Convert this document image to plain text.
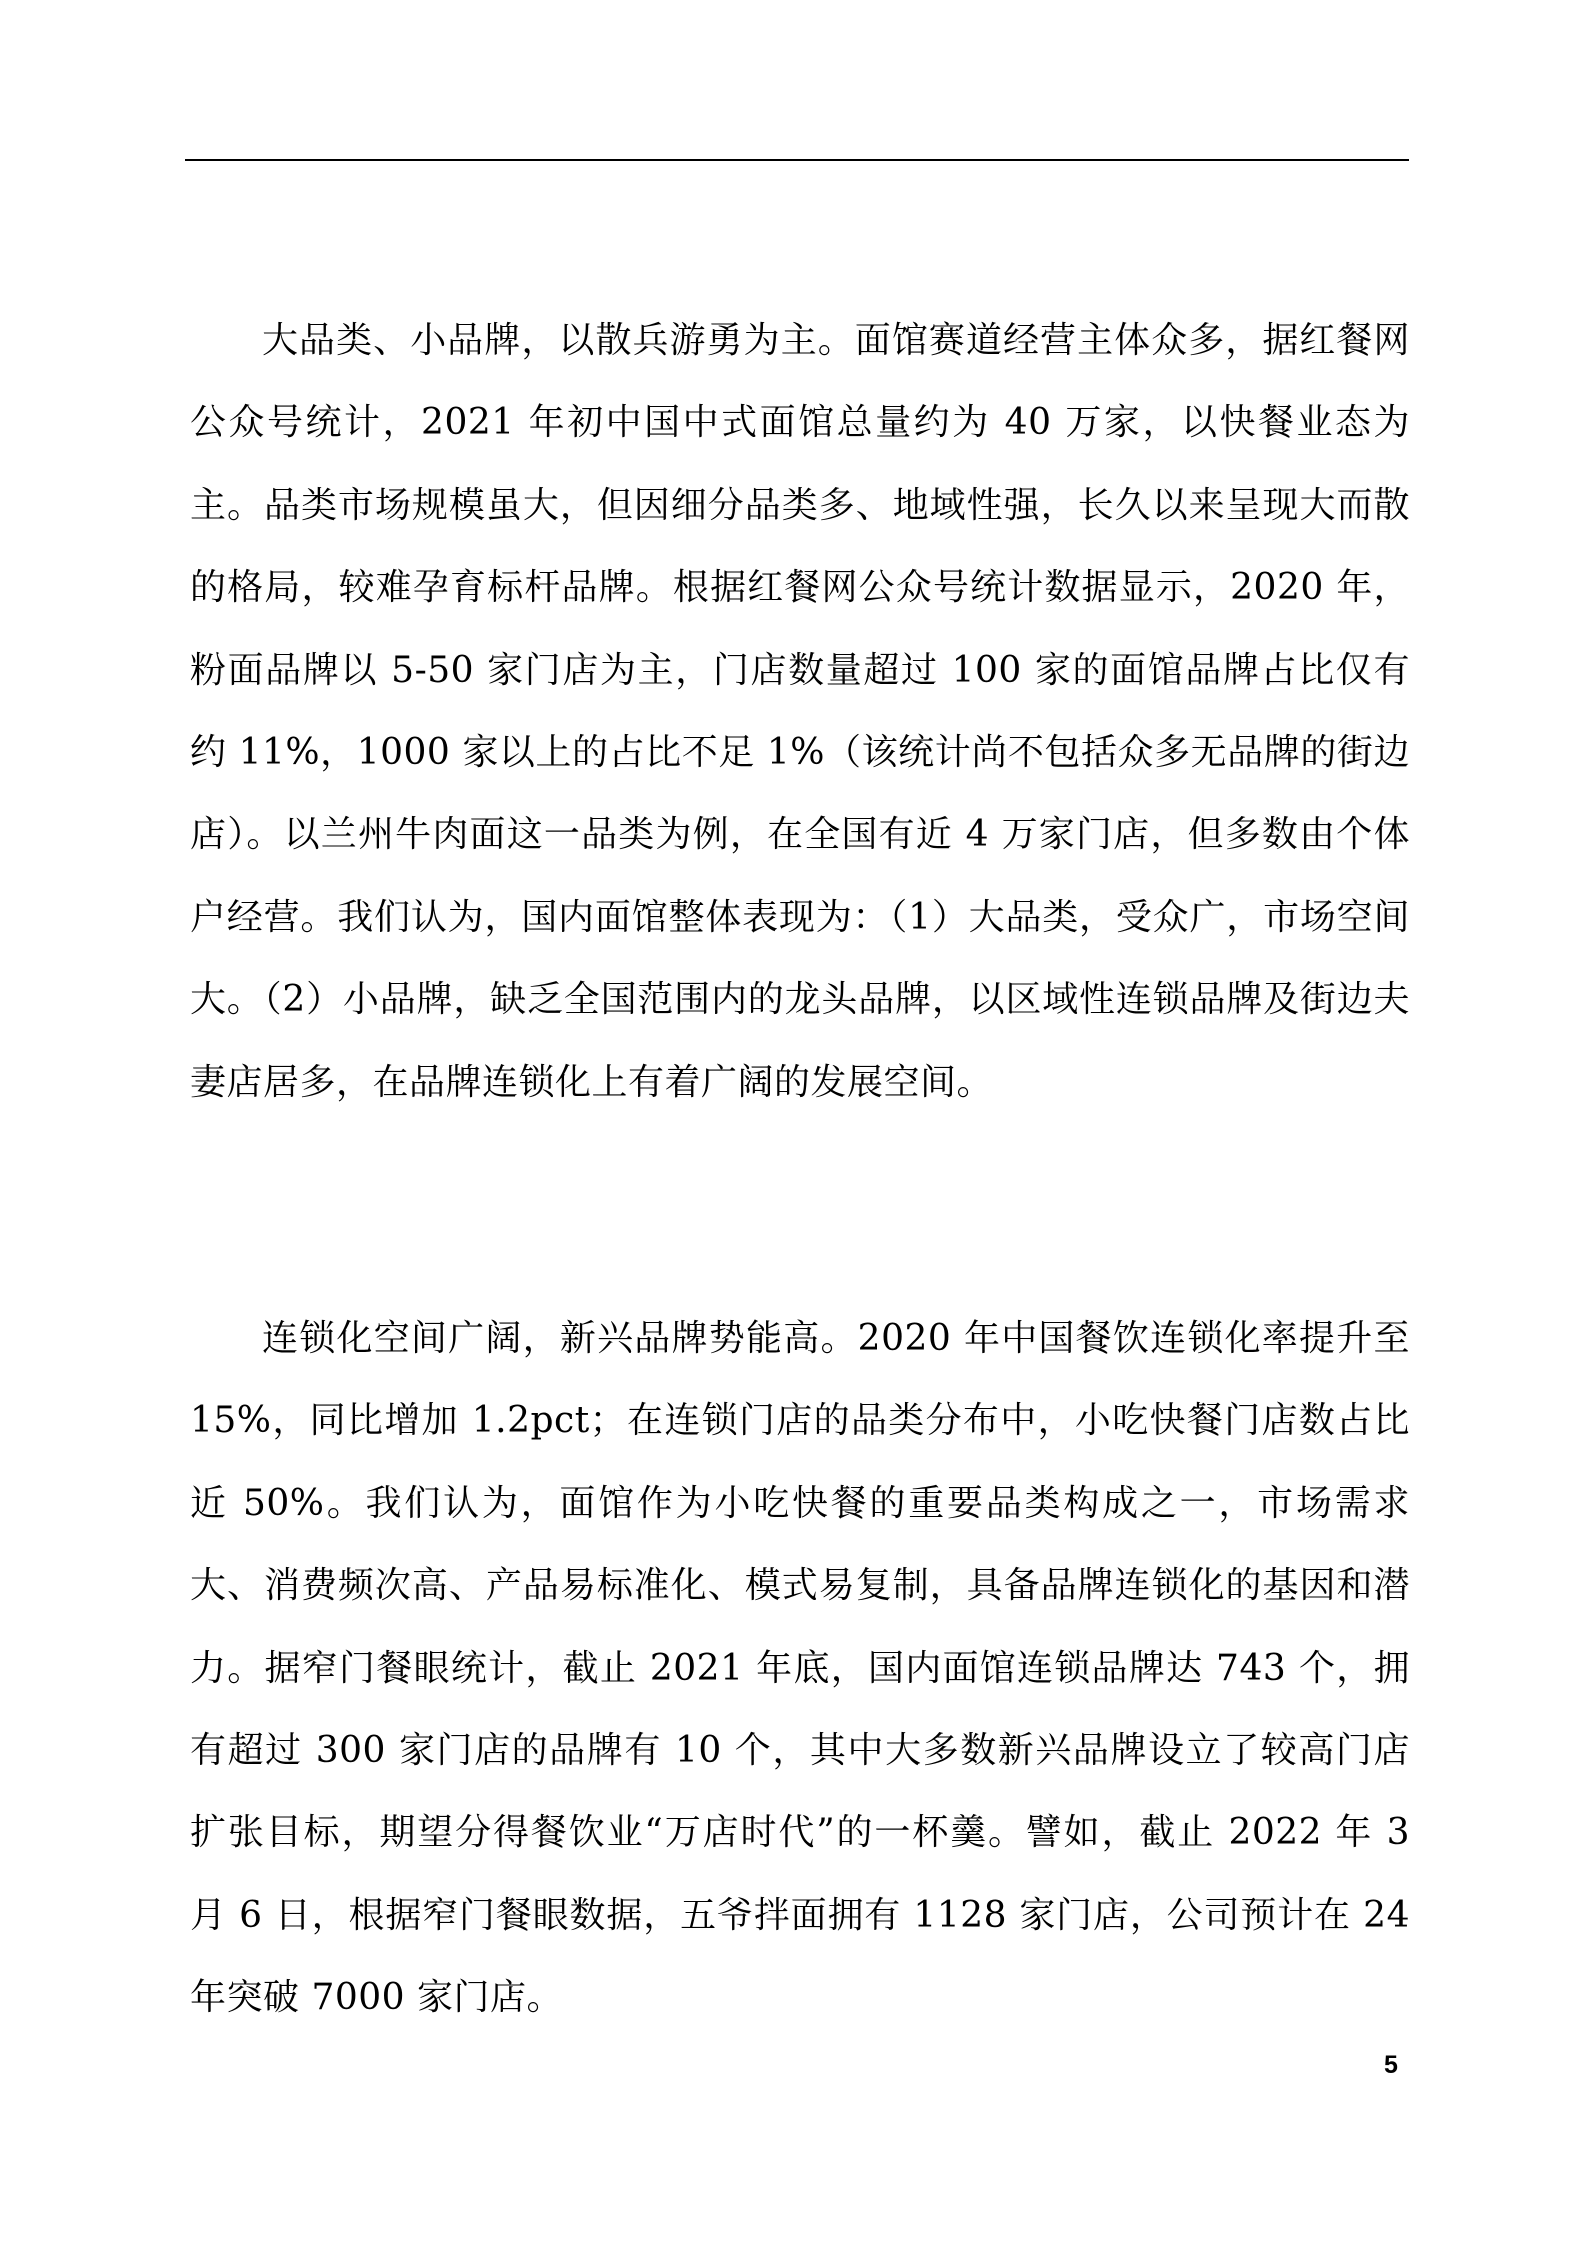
大品类、小品牌，以散兵游勇为主。面馆赛道经营主体众多，据红餐网公众号统计，2021 年初中国中式面馆总量约为 40 万家，以快餐业态为主。品类市场规模虽大，但因细分品类多、地域性强，长久以来呈现大而散的格局，较难孕育标杆品牌。根据红餐网公众号统计数据显示，2020 年，粉面品牌以 5-50 家门店为主，门店数量超过 100 家的面馆品牌占比仅有约 11%，1000 家以上的占比不足 1%（该统计尚不包括众多无品牌的街边店）。以兰州牛肉面这一品类为例，在全国有近 4 万家门店，但多数由个体户经营。我们认为，国内面馆整体表现为：（1）大品类，受众广，市场空间大。（2）小品牌，缺乏全国范围内的龙头品牌，以区域性连锁品牌及街边夫妻店居多，在品牌连锁化上有着广阔的发展空间。

连锁化空间广阔，新兴品牌势能高。2020 年中国餐饮连锁化率提升至 15%，同比增加 1.2pct；在连锁门店的品类分布中，小吃快餐门店数占比近 50%。我们认为，面馆作为小吃快餐的重要品类构成之一，市场需求大、消费频次高、产品易标准化、模式易复制，具备品牌连锁化的基因和潜力。据窄门餐眼统计，截止 2021 年底，国内面馆连锁品牌达 743 个，拥有超过 300 家门店的品牌有 10 个，其中大多数新兴品牌设立了较高门店扩张目标，期望分得餐饮业“万店时代”的一杯羹。譬如，截止 2022 年 3 月 6 日，根据窄门餐眼数据，五爷拌面拥有 1128 家门店，公司预计在 24 年突破 7000 家门店。

5
